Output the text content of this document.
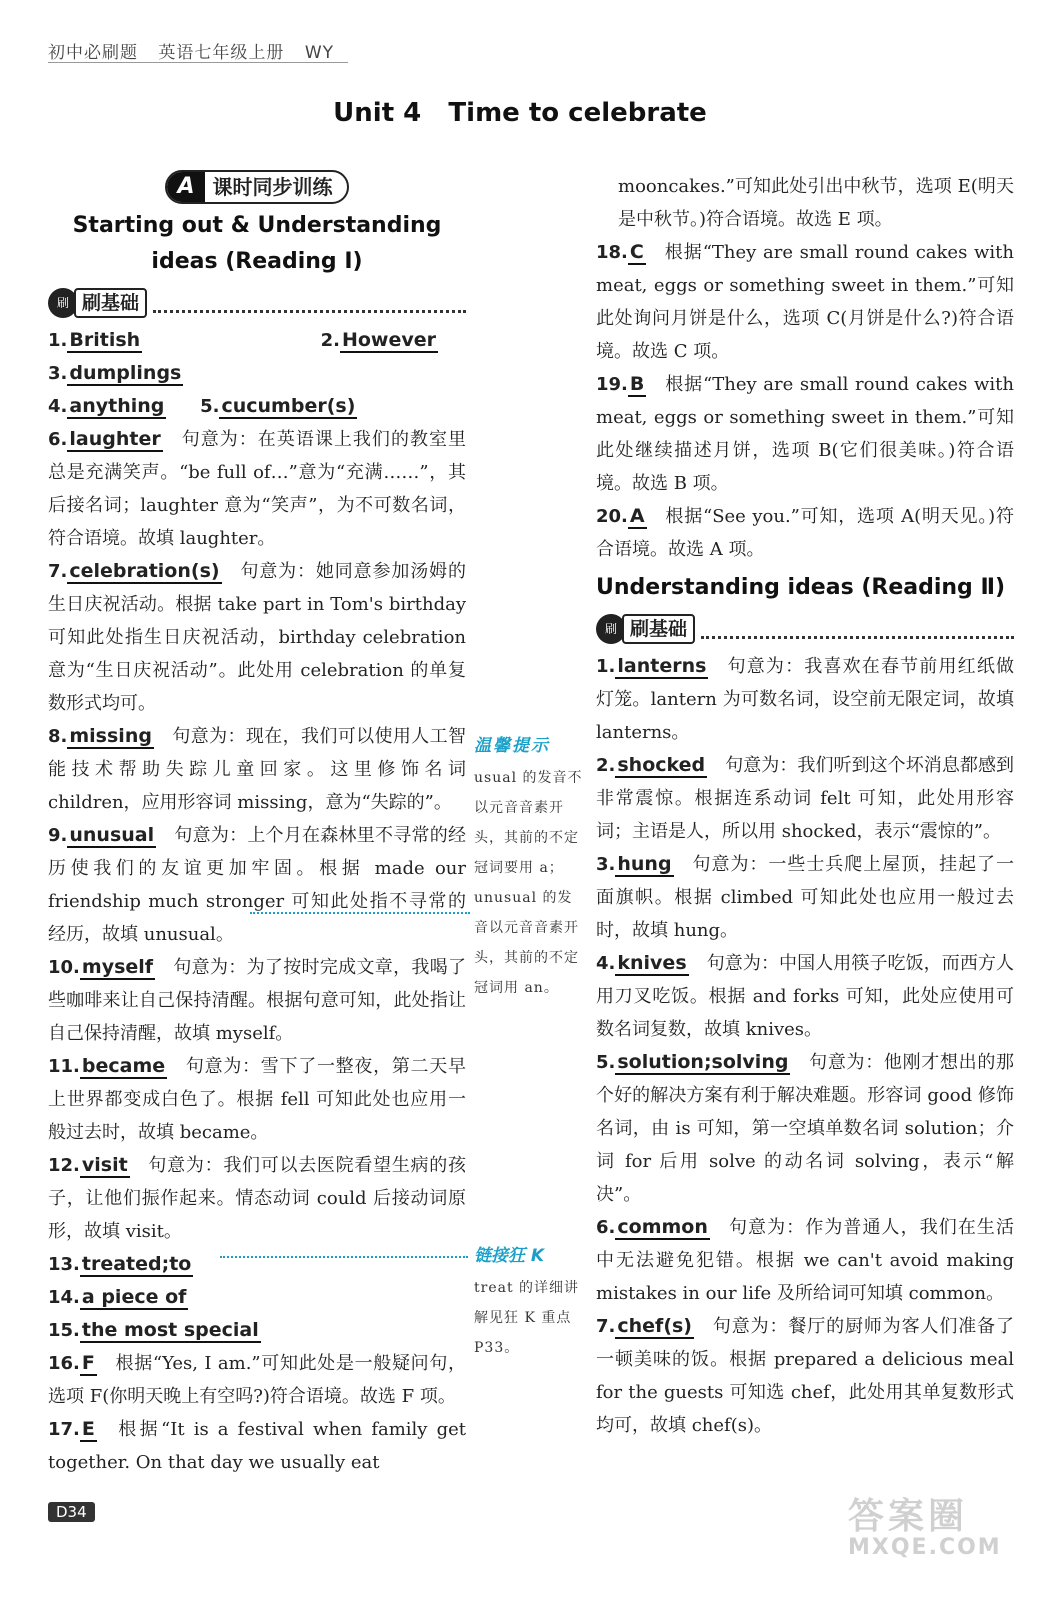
初中必刷题 英语七年级上册 WY
Unit 4   Time to celebrate
A 课时同步训练
Starting out & Understanding
ideas (Reading Ⅰ)
刷 刷基础
1. British	2. However 3. dumplings
4. anything 5. cucumber(s)
6. laughter 句意为：在英语课上我们的教室里总是充满笑声。“be full of…”意为“充满……”，其后接名词；laughter 意为“笑声”，为不可数名词，符合语境。故填 laughter。
7. celebration(s) 句意为：她同意参加汤姆的生日庆祝活动。根据 take part in Tom's birthday 可知此处指生日庆祝活动，birthday celebration 意为“生日庆祝活动”。此处用 celebration 的单复数形式均可。
8. missing 句意为：现在，我们可以使用人工智能技术帮助失踪儿童回家。这里修饰名词 children，应用形容词 missing，意为“失踪的”。
9. unusual 句意为：上个月在森林里不寻常的经历使我们的友谊更加牢固。根据 made our friendship much stronger 可知此处指不寻常的经历，故填 unusual。
10. myself 句意为：为了按时完成文章，我喝了些咖啡来让自己保持清醒。根据句意可知，此处指让自己保持清醒，故填 myself。
11. became 句意为：雪下了一整夜，第二天早上世界都变成白色了。根据 fell 可知此处也应用一般过去时，故填 became。
12. visit 句意为：我们可以去医院看望生病的孩子，让他们振作起来。情态动词 could 后接动词原形，故填 visit。
13. treated;to
14. a piece of
15. the most special
16. F 根据“Yes, I am.”可知此处是一般疑问句，选项 F(你明天晚上有空吗?)符合语境。故选 F 项。
17. E 根据“It is a festival when family get together. On that day we usually eat
温馨提示
usual 的发音不以元音音素开头，其前的不定冠词要用 a；unusual 的发音以元音音素开头，其前的不定冠词用 an。
链接狂 K
treat 的详细讲解见狂 K 重点 P33。
mooncakes.”可知此处引出中秋节，选项 E(明天是中秋节。)符合语境。故选 E 项。
18. C 根据“They are small round cakes with meat, eggs or something sweet in them.”可知此处询问月饼是什么，选项 C(月饼是什么?)符合语境。故选 C 项。
19. B 根据“They are small round cakes with meat, eggs or something sweet in them.”可知此处继续描述月饼，选项 B(它们很美味。)符合语境。故选 B 项。
20. A 根据“See you.”可知，选项 A(明天见。)符合语境。故选 A 项。
Understanding ideas (Reading Ⅱ)
刷 刷基础
1. lanterns 句意为：我喜欢在春节前用红纸做灯笼。lantern 为可数名词，设空前无限定词，故填 lanterns。
2. shocked 句意为：我们听到这个坏消息都感到非常震惊。根据连系动词 felt 可知，此处用形容词；主语是人，所以用 shocked，表示“震惊的”。
3. hung 句意为：一些士兵爬上屋顶，挂起了一面旗帜。根据 climbed 可知此处也应用一般过去时，故填 hung。
4. knives 句意为：中国人用筷子吃饭，而西方人用刀叉吃饭。根据 and forks 可知，此处应使用可数名词复数，故填 knives。
5. solution;solving 句意为：他刚才想出的那个好的解决方案有利于解决难题。形容词 good 修饰名词，由 is 可知，第一空填单数名词 solution；介词 for 后用 solve 的动名词 solving，表示“解决”。
6. common 句意为：作为普通人，我们在生活中无法避免犯错。根据 we can't avoid making mistakes in our life 及所给词可知填 common。
7. chef(s) 句意为：餐厅的厨师为客人们准备了一顿美味的饭。根据 prepared a delicious meal for the guests 可知选 chef，此处用其单复数形式均可，故填 chef(s)。
D34	答案圈
MXQE.COM
